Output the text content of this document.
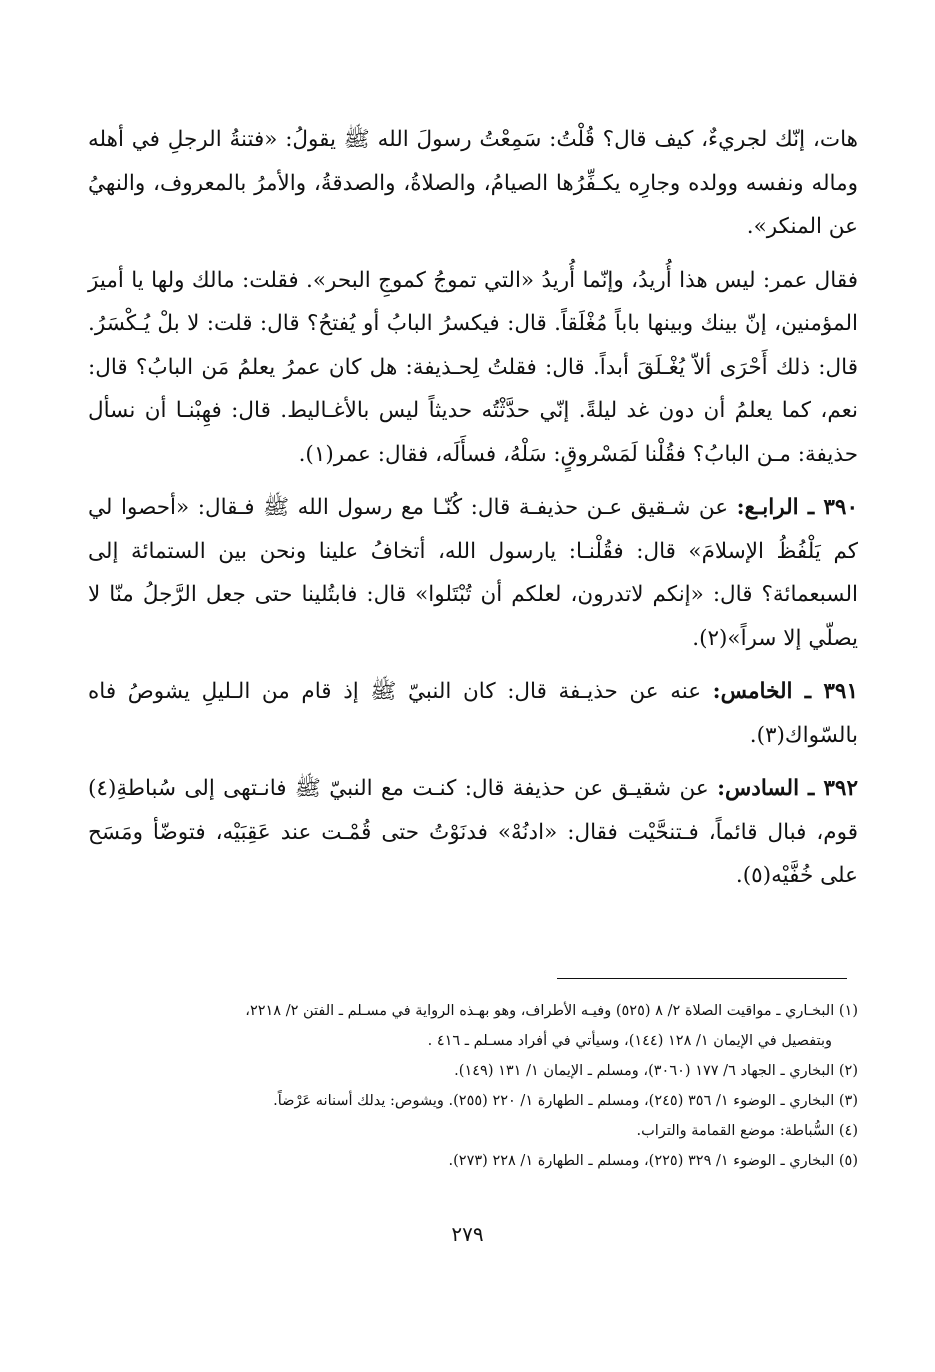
هات، إنّك لجريءٌ، كيف قال؟ قُلْتُ: سَمِعْتُ رسولَ الله ﷺ يقولُ: «فتنةُ الرجلِ في أهله وماله ونفسه وولده وجارِه يكـفِّرُها الصيامُ، والصلاةُ، والصدقةُ، والأمرُ بالمعروف، والنهيُ عن المنكر».

فقال عمر: ليس هذا أُريدُ، وإنّما أُريدُ «التي تموجُ كموجِ البحر». فقلت: مالك ولها يا أميرَ المؤمنين، إنّ بينك وبينها باباً مُغْلَقاً. قال: فيكسرُ البابُ أو يُفتحُ؟ قال: قلت: لا بلْ يُـكْسَرُ. قال: ذلك أَحْرَى ألاّ يُغْـلَقَ أبداً. قال: فقلتُ لِحـذيفة: هل كان عمرُ يعلمُ مَن البابُ؟ قال: نعم، كما يعلمُ أن دون غد ليلةً. إنّي حدَّثْتُه حديثاً ليس بالأغـاليط. قال: فهِبْنـا أن نسأل حذيفة: مـن البابُ؟ فقُلْنا لَمَسْروقٍ: سَلْهُ، فسأَلَه، فقال: عمر(١).

٣٩٠ ـ الرابـع: عن شـقيق عـن حذيفـة قال: كُنّـا مع رسول الله ﷺ فـقال: «أحصوا لي كم يَلْفُظُ الإسلامَ» قال: فقُلْنـا: يارسول الله، أتخافُ علينا ونحن بين الستمائة إلى السبعمائة؟ قال: «إنكم لاتدرون، لعلكم أن تُبْتَلوا» قال: فابتُلينا حتى جعل الرَّجلُ منّا لا يصلّي إلا سراً»(٢).

٣٩١ ـ الخامس: عنه عن حذيـفة قال: كان النبيّ ﷺ إذ قام من الـليلِ يشوصُ فاه بالسّواك(٣).

٣٩٢ ـ السادس: عن شقيـق عن حذيفة قال: كنـت مع النبيّ ﷺ فانـتهى إلى سُباطةِ(٤) قوم، فبال قائماً، فـتنحَّيْت فقال: «ادنُهْ» فدنَوْتُ حتى قُمْـت عند عَقِبَيْه، فتوضّأ ومَسَح على خُفَّيْه(٥).

(١) البخـاري ـ مواقيت الصلاة ٢/ ٨ (٥٢٥) وفيـه الأطراف، وهو بهـذه الرواية في مسـلم ـ الفتن ٢/ ٢٢١٨،

وبتفصيل في الإيمان ١/ ١٢٨ (١٤٤)، وسيأتي في أفراد مسـلم ـ ٤١٦ .

(٢) البخاري ـ الجهاد ٦/ ١٧٧ (٣٠٦٠)، ومسلم ـ الإيمان ١/ ١٣١ (١٤٩).

(٣) البخاري ـ الوضوء ١/ ٣٥٦ (٢٤٥)، ومسلم ـ الطهارة ١/ ٢٢٠ (٢٥٥). ويشوص: يدلك أسنانه عَرْضاً.

(٤) السُّباطة: موضع القمامة والتراب.

(٥) البخاري ـ الوضوء ١/ ٣٢٩ (٢٢٥)، ومسلم ـ الطهارة ١/ ٢٢٨ (٢٧٣).

٢٧٩
